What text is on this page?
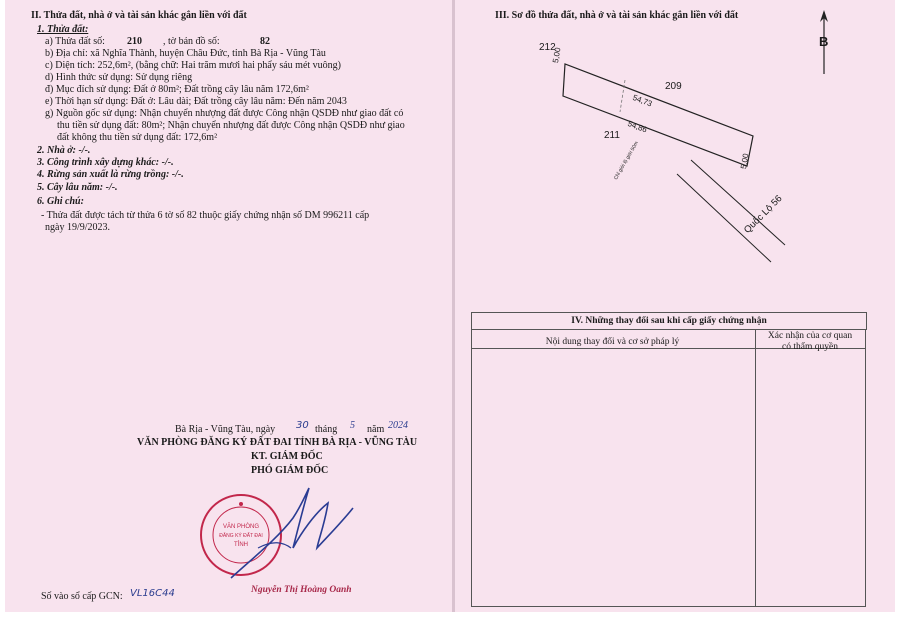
II. Thửa đất, nhà ở và tài sản khác gắn liền với đất
1. Thửa đất:
a) Thửa đất số: 210 , tờ bản đồ số:	82
b) Địa chỉ: xã Nghĩa Thành, huyện Châu Đức, tỉnh Bà Rịa - Vũng Tàu
c) Diện tích: 252,6m², (bằng chữ: Hai trăm mươi hai phẩy sáu mét vuông)
d) Hình thức sử dụng: Sử dụng riêng
đ) Mục đích sử dụng: Đất ở 80m²; Đất trồng cây lâu năm 172,6m²
e) Thời hạn sử dụng: Đất ở: Lâu dài; Đất trồng cây lâu năm: Đến năm 2043
g) Nguồn gốc sử dụng: Nhận chuyển nhượng đất được Công nhận QSDĐ như giao đất có
thu tiền sử dụng đất: 80m²; Nhận chuyển nhượng đất được Công nhận QSDĐ như giao
đất không thu tiền sử dụng đất: 172,6m²
2. Nhà ở: -/-.
3. Công trình xây dựng khác: -/-.
4. Rừng sản xuất là rừng trồng: -/-.
5. Cây lâu năm: -/-.
6. Ghi chú:
- Thửa đất được tách từ thửa 6 tờ số 82 thuộc giấy chứng nhận số DM 996211 cấp
ngày 19/9/2023.
Bà Rịa - Vũng Tàu, ngày 30 tháng 5 năm 2024
VĂN PHÒNG ĐĂNG KÝ ĐẤT ĐAI TỈNH BÀ RỊA - VŨNG TÀU
KT. GIÁM ĐỐC
PHÓ GIÁM ĐỐC
VĂN PHÒNG
ĐĂNG KÝ ĐẤT ĐAI
TỈNH
Nguyễn Thị Hoàng Oanh
Số vào sổ cấp GCN: VL16C44
III. Sơ đồ thửa đất, nhà ở và tài sản khác gắn liền với đất
B
212
209
211
5,00
54,73
54,86
5,00
Chỉ giới lộ giới 50m
Quốc Lộ 56
IV. Những thay đổi sau khi cấp giấy chứng nhận
Nội dung thay đổi và cơ sở pháp lý
Xác nhận của cơ quan
có thẩm quyền
